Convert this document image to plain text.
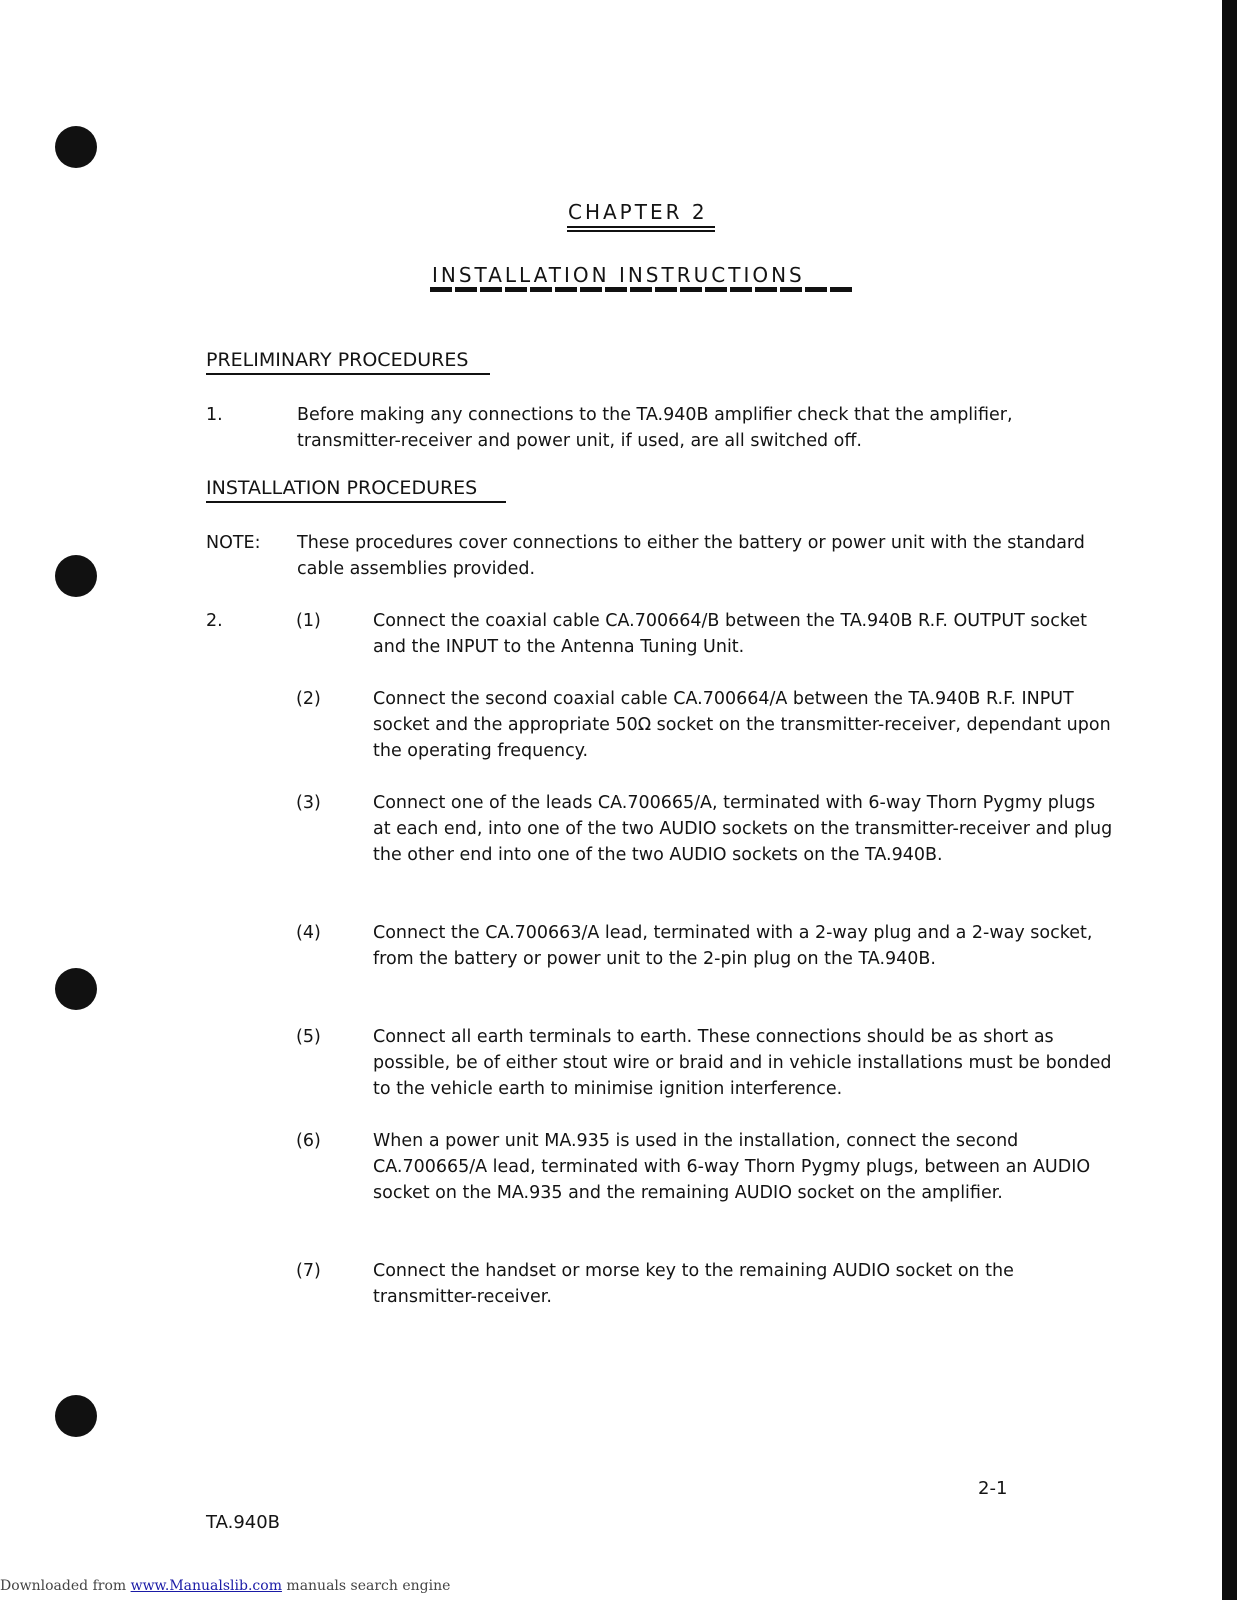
CHAPTER 2
INSTALLATION INSTRUCTIONS
PRELIMINARY PROCEDURES
1.	Before making any connections to the TA.940B amplifier check that the amplifier, transmitter-receiver and power unit, if used, are all switched off.
INSTALLATION PROCEDURES
NOTE: These procedures cover connections to either the battery or power unit with the standard cable assemblies provided.
2.	(1)	Connect the coaxial cable CA.700664/B between the TA.940B R.F. OUTPUT socket and the INPUT to the Antenna Tuning Unit.
(2)	Connect the second coaxial cable CA.700664/A between the TA.940B R.F. INPUT socket and the appropriate 50Ω socket on the transmitter-receiver, dependant upon the operating frequency.
(3)	Connect one of the leads CA.700665/A, terminated with 6-way Thorn Pygmy plugs at each end, into one of the two AUDIO sockets on the transmitter-receiver and plug the other end into one of the two AUDIO sockets on the TA.940B.
(4)	Connect the CA.700663/A lead, terminated with a 2-way plug and a 2-way socket, from the battery or power unit to the 2-pin plug on the TA.940B.
(5)	Connect all earth terminals to earth. These connections should be as short as possible, be of either stout wire or braid and in vehicle installations must be bonded to the vehicle earth to minimise ignition interference.
(6)	When a power unit MA.935 is used in the installation, connect the second CA.700665/A lead, terminated with 6-way Thorn Pygmy plugs, between an AUDIO socket on the MA.935 and the remaining AUDIO socket on the amplifier.
(7)	Connect the handset or morse key to the remaining AUDIO socket on the transmitter-receiver.
2-1
TA.940B
Downloaded from www.Manualslib.com manuals search engine
